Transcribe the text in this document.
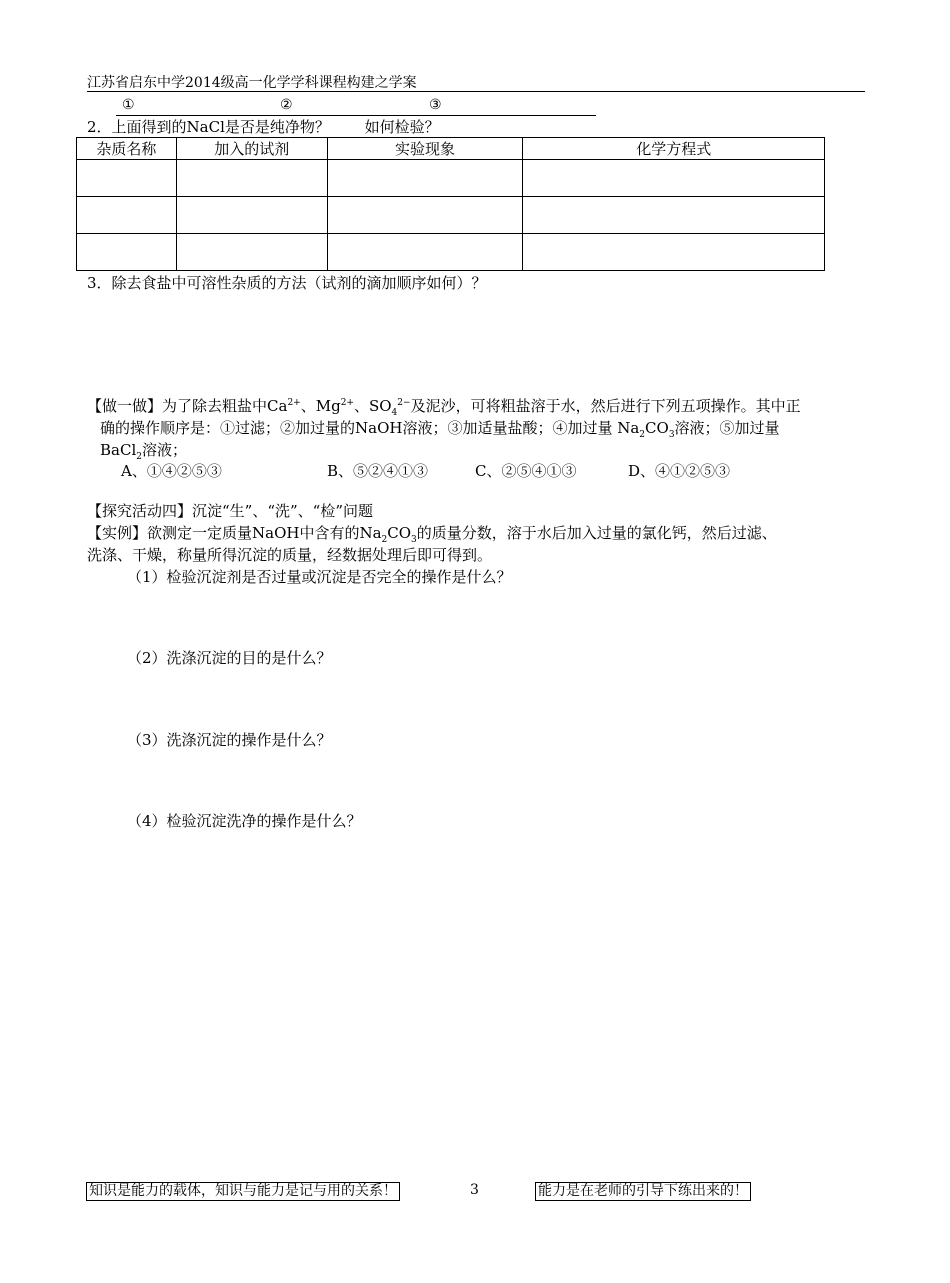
江苏省启东中学2014级高一化学学科课程构建之学案
①	②	③
2．上面得到的NaCl是否是纯净物？　　 如何检验？
杂质名称	加入的试剂	实验现象	化学方程式

3．除去食盐中可溶性杂质的方法（试剂的滴加顺序如何）？
【做一做】为了除去粗盐中$Ca^{2+}$、$Mg^{2+}$、$SO_4^{2-}$及泥沙，可将粗盐溶于水，然后进行下列五项操作。其中正
确的操作顺序是：①过滤；②加过量的NaOH溶液；③加适量盐酸；④加过量 $Na_2CO_3$溶液；⑤加过量
BaCl$_2$溶液；
A、①④②⑤③	B、⑤②④①③	C、②⑤④①③	D、④①②⑤③
【探究活动四】沉淀“生”、“洗”、“检”问题
【实例】欲测定一定质量NaOH中含有的$Na_2CO_3$的质量分数，溶于水后加入过量的氯化钙，然后过滤、
洗涤、干燥，称量所得沉淀的质量，经数据处理后即可得到。
（1）检验沉淀剂是否过量或沉淀是否完全的操作是什么？
（2）洗涤沉淀的目的是什么？
（3）洗涤沉淀的操作是什么？
（4）检验沉淀洗净的操作是什么？
知识是能力的载体，知识与能力是记与用的关系！	3	能力是在老师的引导下练出来的！
